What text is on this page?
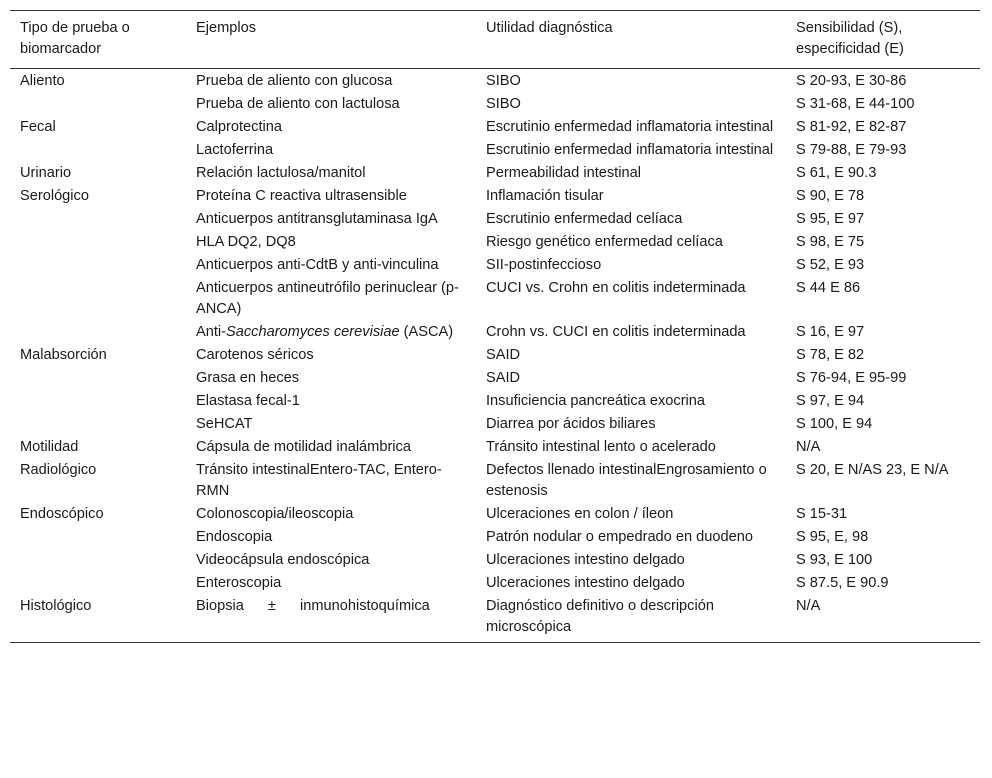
Tipo de prueba o biomarcador	Ejemplos	Utilidad diagnóstica	Sensibilidad (S), especificidad (E)
Aliento	Prueba de aliento con glucosa	SIBO	S 20-93, E 30-86
	Prueba de aliento con lactulosa	SIBO	S 31-68, E 44-100
Fecal	Calprotectina	Escrutinio enfermedad inflamatoria intestinal	S 81-92, E 82-87
	Lactoferrina	Escrutinio enfermedad inflamatoria intestinal	S 79-88, E 79-93
Urinario	Relación lactulosa/manitol	Permeabilidad intestinal	S 61, E 90.3
Serológico	Proteína C reactiva ultrasensible	Inflamación tisular	S 90, E 78
	Anticuerpos antitransglutaminasa IgA	Escrutinio enfermedad celíaca	S 95, E 97
	HLA DQ2, DQ8	Riesgo genético enfermedad celíaca	S 98, E 75
	Anticuerpos anti-CdtB y anti-vinculina	SII-postinfeccioso	S 52, E 93
	Anticuerpos antineutrófilo perinuclear (p-ANCA)	CUCI vs. Crohn en colitis indeterminada	S 44 E 86
	Anti-Saccharomyces cerevisiae (ASCA)	Crohn vs. CUCI en colitis indeterminada	S 16, E 97
Malabsorción	Carotenos séricos	SAID	S 78, E 82
	Grasa en heces	SAID	S 76-94, E 95-99
	Elastasa fecal-1	Insuficiencia pancreática exocrina	S 97, E 94
	SeHCAT	Diarrea por ácidos biliares	S 100, E 94
Motilidad	Cápsula de motilidad inalámbrica	Tránsito intestinal lento o acelerado	N/A
Radiológico	Tránsito intestinalEntero-TAC, Entero-RMN	Defectos llenado intestinalEngrosamiento o estenosis	S 20, E N/AS 23, E N/A
Endoscópico	Colonoscopia/ileoscopia	Ulceraciones en colon / íleon	S 15-31
	Endoscopia	Patrón nodular o empedrado en duodeno	S 95, E, 98
	Videocápsula endoscópica	Ulceraciones intestino delgado	S 93, E 100
	Enteroscopia	Ulceraciones intestino delgado	S 87.5, E 90.9
Histológico	Biopsia ± inmunohistoquímica	Diagnóstico definitivo o descripción microscópica	N/A
